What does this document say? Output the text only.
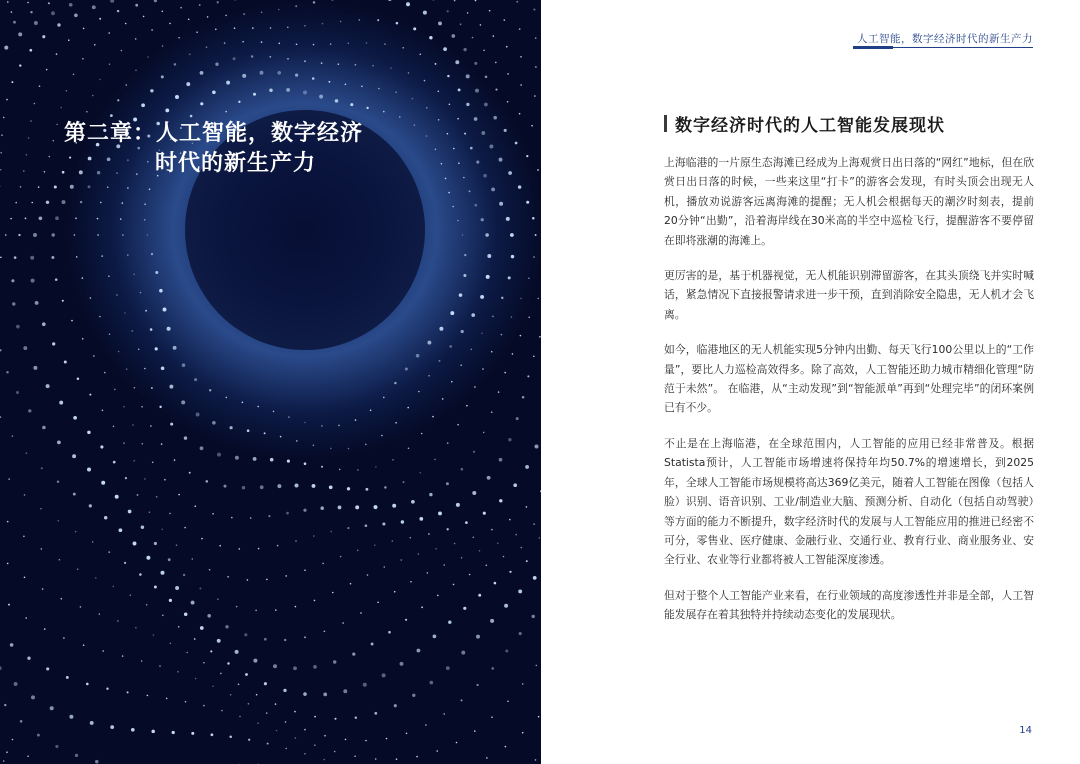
第二章：人工智能，数字经济
时代的新生产力
人工智能，数字经济时代的新生产力
数字经济时代的人工智能发展现状

上海临港的一片原生态海滩已经成为上海观赏日出日落的“网红”地标，但在欣赏日出日落的时候，一些来这里“打卡”的游客会发现，有时头顶会出现无人机，播放劝说游客远离海滩的提醒；无人机会根据每天的潮汐时刻表，提前20分钟“出勤”，沿着海岸线在30米高的半空中巡检飞行，提醒游客不要停留在即将涨潮的海滩上。

更厉害的是，基于机器视觉，无人机能识别滞留游客，在其头顶绕飞并实时喊话，紧急情况下直接报警请求进一步干预，直到消除安全隐患，无人机才会飞离。

如今，临港地区的无人机能实现5分钟内出勤、每天飞行100公里以上的“工作量”，要比人力巡检高效得多。除了高效，人工智能还助力城市精细化管理“防范于未然”。 在临港，从“主动发现”到“智能派单”再到“处理完毕”的闭环案例已有不少。

不止是在上海临港，在全球范围内，人工智能的应用已经非常普及。根据Statista预计，人工智能市场增速将保持年均50.7%的增速增长，到2025年，全球人工智能市场规模将高达369亿美元，随着人工智能在图像（包括人脸）识别、语音识别、工业/制造业大脑、预测分析、自动化（包括自动驾驶）等方面的能力不断提升，数字经济时代的发展与人工智能应用的推进已经密不可分，零售业、医疗健康、金融行业、交通行业、教育行业、商业服务业、安全行业、农业等行业都将被人工智能深度渗透。

但对于整个人工智能产业来看，在行业领域的高度渗透性并非是全部，人工智能发展存在着其独特并持续动态变化的发展现状。

14
